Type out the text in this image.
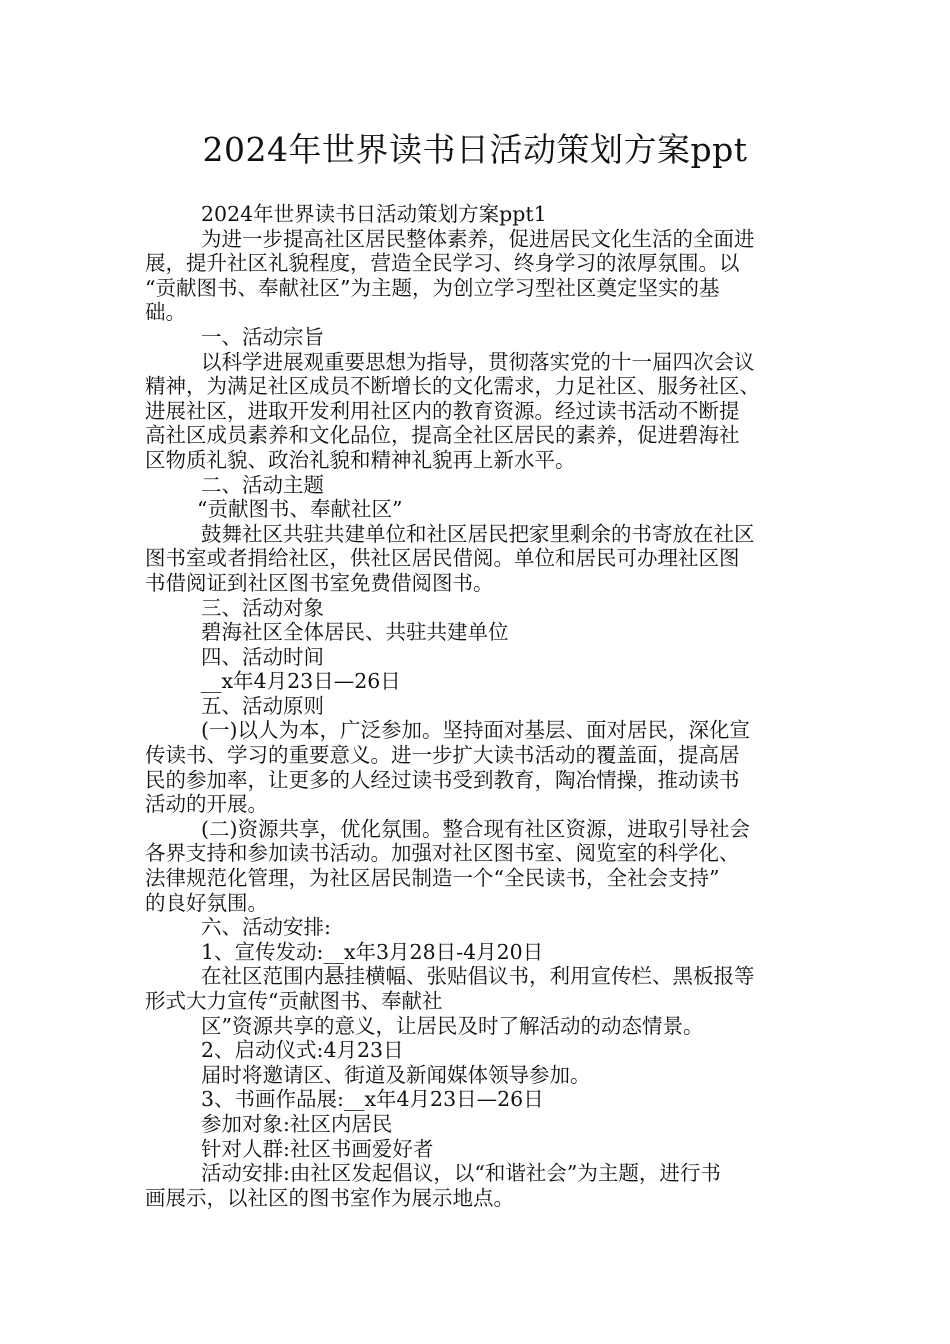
2024年世界读书日活动策划方案ppt
2024年世界读书日活动策划方案ppt1
为进一步提高社区居民整体素养，促进居民文化生活的全面进
展，提升社区礼貌程度，营造全民学习、终身学习的浓厚氛围。以
“贡献图书、奉献社区”为主题，为创立学习型社区奠定坚实的基
础。
一、活动宗旨
以科学进展观重要思想为指导，贯彻落实党的十一届四次会议
精神，为满足社区成员不断增长的文化需求，力足社区、服务社区、
进展社区，进取开发利用社区内的教育资源。经过读书活动不断提
高社区成员素养和文化品位，提高全社区居民的素养，促进碧海社
区物质礼貌、政治礼貌和精神礼貌再上新水平。
二、活动主题
“贡献图书、奉献社区”
鼓舞社区共驻共建单位和社区居民把家里剩余的书寄放在社区
图书室或者捐给社区，供社区居民借阅。单位和居民可办理社区图
书借阅证到社区图书室免费借阅图书。
三、活动对象
碧海社区全体居民、共驻共建单位
四、活动时间
__x年4月23日—26日
五、活动原则
(一)以人为本，广泛参加。坚持面对基层、面对居民，深化宣
传读书、学习的重要意义。进一步扩大读书活动的覆盖面，提高居
民的参加率，让更多的人经过读书受到教育，陶冶情操，推动读书
活动的开展。
(二)资源共享，优化氛围。整合现有社区资源，进取引导社会
各界支持和参加读书活动。加强对社区图书室、阅览室的科学化、
法律规范化管理，为社区居民制造一个“全民读书，全社会支持”
的良好氛围。
六、活动安排:
1、宣传发动:__x年3月28日-4月20日
在社区范围内悬挂横幅、张贴倡议书，利用宣传栏、黑板报等
形式大力宣传“贡献图书、奉献社
区”资源共享的意义，让居民及时了解活动的动态情景。
2、启动仪式:4月23日
届时将邀请区、街道及新闻媒体领导参加。
3、书画作品展:__x年4月23日—26日
参加对象:社区内居民
针对人群:社区书画爱好者
活动安排:由社区发起倡议，以“和谐社会”为主题，进行书
画展示，以社区的图书室作为展示地点。
